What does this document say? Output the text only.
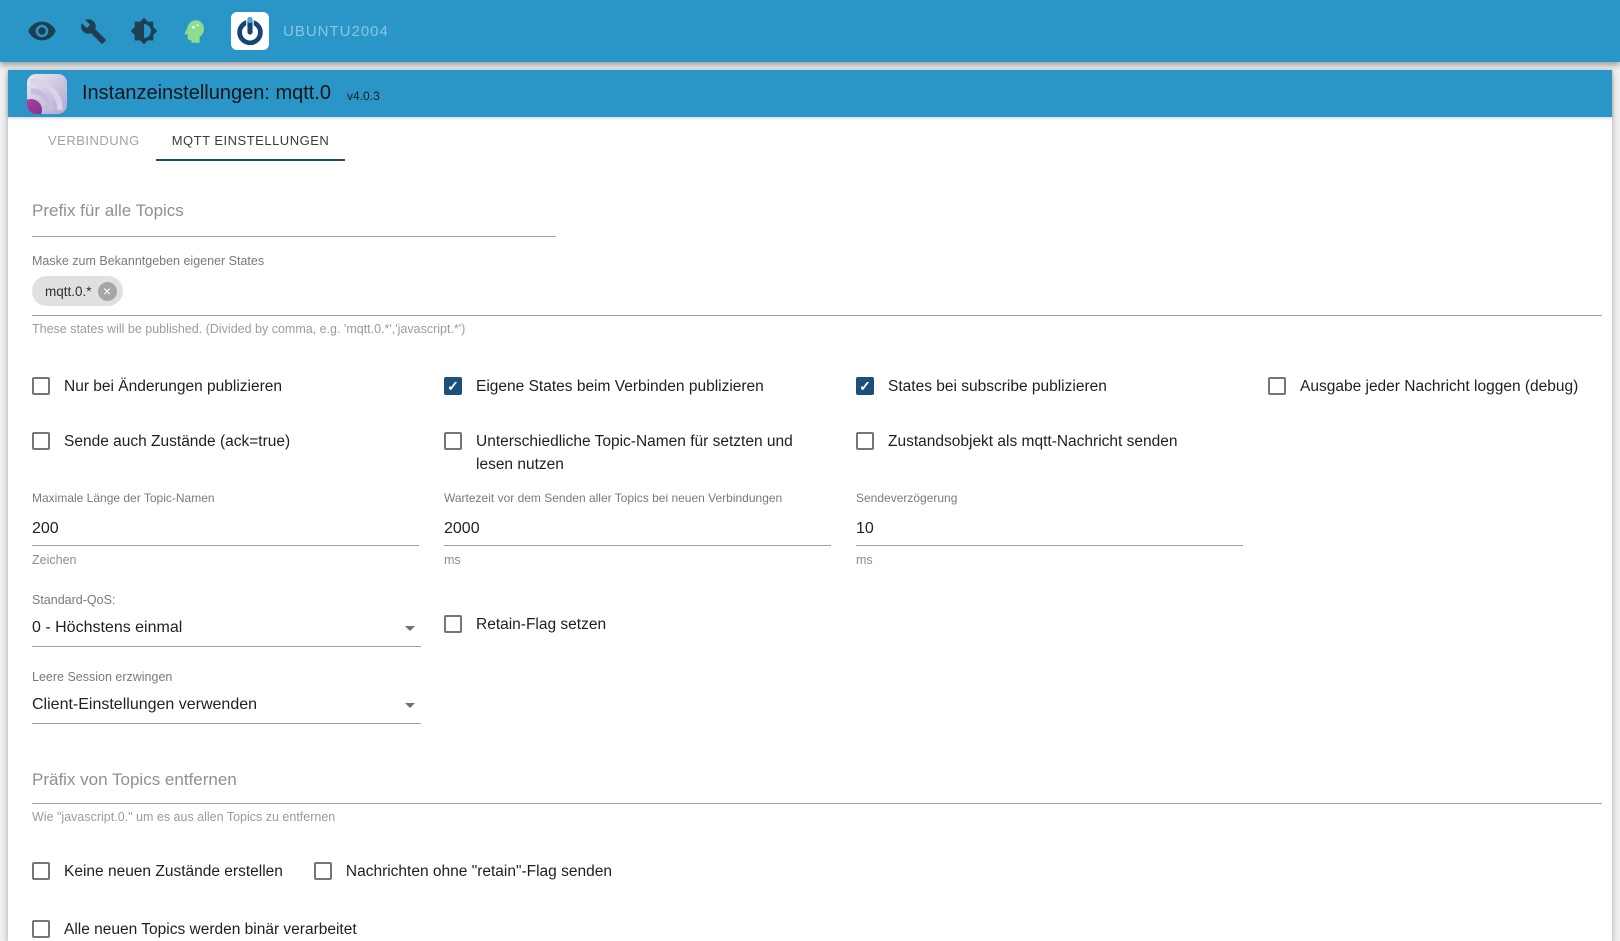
UBUNTU2004
Instanzeinstellungen: mqtt.0 v4.0.3
VERBINDUNG	MQTT EINSTELLUNGEN
Prefix für alle Topics
Maske zum Bekanntgeben eigener States
mqtt.0.* ×
These states will be published. (Divided by comma, e.g. 'mqtt.0.*','javascript.*')
Nur bei Änderungen publizieren ✓	Eigene States beim Verbinden publizieren ✓	States bei subscribe publizieren	Ausgabe jeder Nachricht loggen (debug)
Sende auch Zustände (ack=true)	Unterschiedliche Topic-Namen für setzten und lesen nutzen
Zustandsobjekt als mqtt-Nachricht senden
Maximale Länge der Topic-Namen
200
Zeichen
Wartezeit vor dem Senden aller Topics bei neuen Verbindungen
2000
ms
Sendeverzögerung
10
ms
Standard-QoS:
0 - Höchstens einmal	Retain-Flag setzen
Leere Session erzwingen
Client-Einstellungen verwenden
Präfix von Topics entfernen
Wie "javascript.0." um es aus allen Topics zu entfernen
Keine neuen Zustände erstellen	Nachrichten ohne "retain"-Flag senden
Alle neuen Topics werden binär verarbeitet
